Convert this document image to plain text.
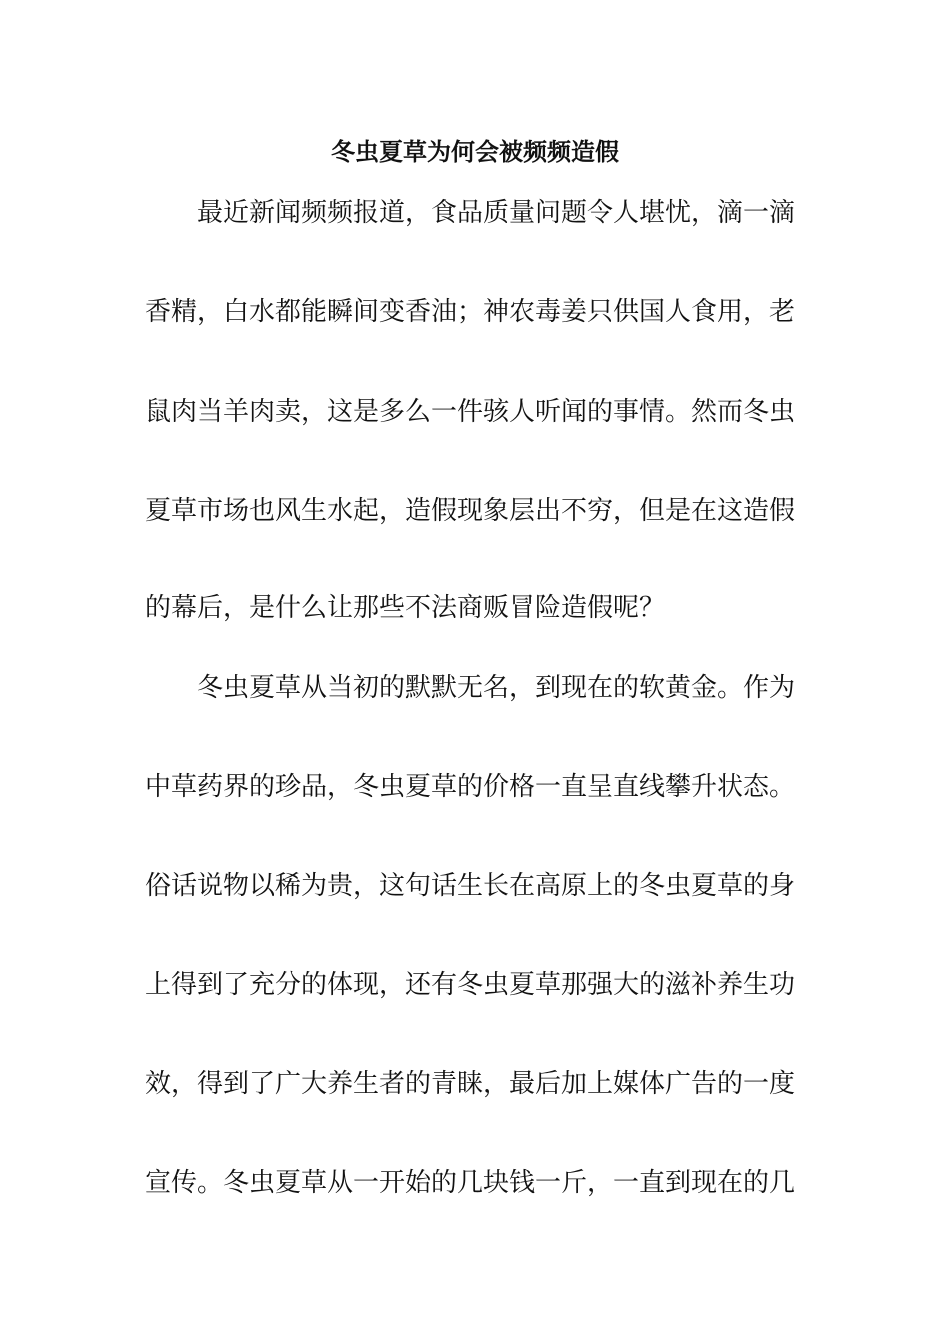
冬虫夏草为何会被频频造假
最近新闻频频报道，食品质量问题令人堪忧，滴一滴
香精，白水都能瞬间变香油；神农毒姜只供国人食用，老
鼠肉当羊肉卖，这是多么一件骇人听闻的事情。然而冬虫
夏草市场也风生水起，造假现象层出不穷，但是在这造假
的幕后，是什么让那些不法商贩冒险造假呢？
冬虫夏草从当初的默默无名，到现在的软黄金。作为
中草药界的珍品，冬虫夏草的价格一直呈直线攀升状态。
俗话说物以稀为贵，这句话生长在高原上的冬虫夏草的身
上得到了充分的体现，还有冬虫夏草那强大的滋补养生功
效，得到了广大养生者的青睐，最后加上媒体广告的一度
宣传。冬虫夏草从一开始的几块钱一斤，一直到现在的几
